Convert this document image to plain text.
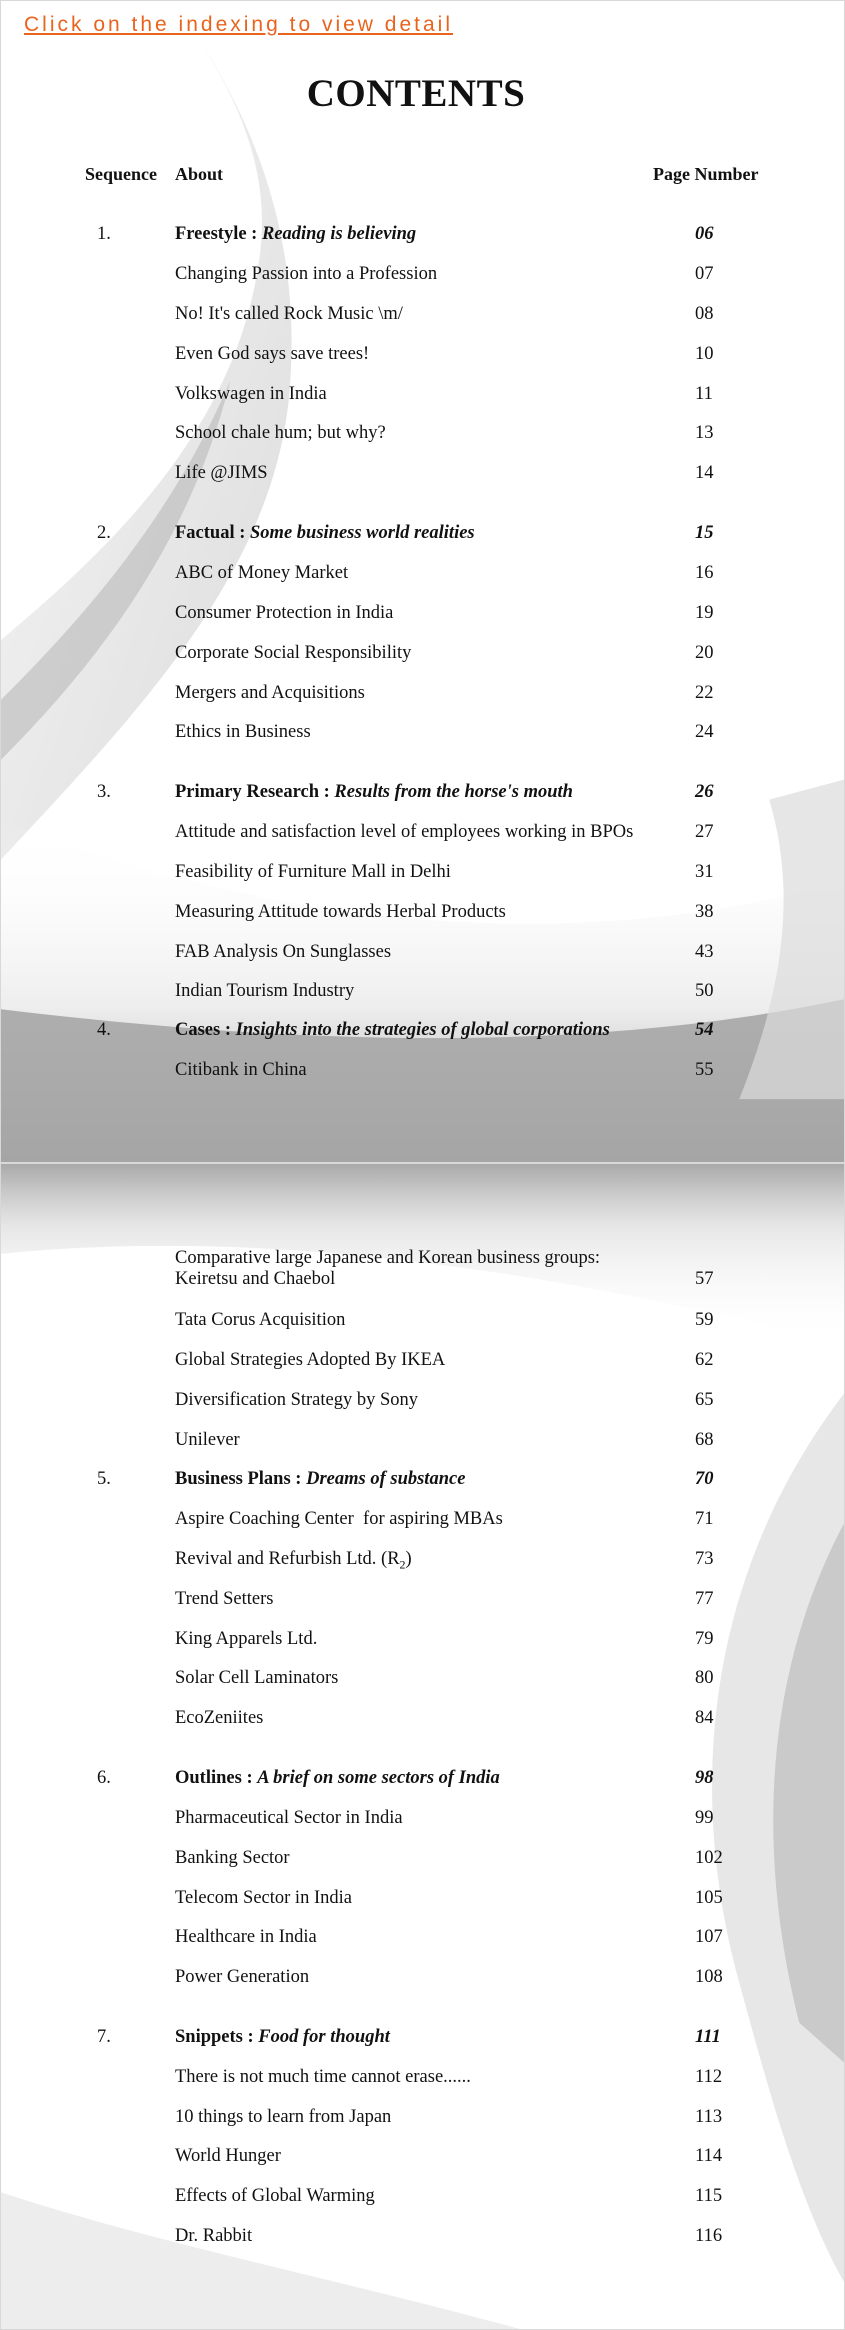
Click on the indexing to view detail
CONTENTS
Sequence About	Page Number
1.	Freestyle : Reading is believing	06
Changing Passion into a Profession	07
No! It's called Rock Music \m/	08
Even God says save trees!	10
Volkswagen in India	11
School chale hum; but why?	13
Life @JIMS	14
2.	Factual : Some business world realities	15
ABC of Money Market	16
Consumer Protection in India	19
Corporate Social Responsibility	20
Mergers and Acquisitions	22
Ethics in Business	24
3.	Primary Research : Results from the horse's mouth	26
Attitude and satisfaction level of employees working in BPOs	27
Feasibility of Furniture Mall in Delhi	31
Measuring Attitude towards Herbal Products	38
FAB Analysis On Sunglasses	43
Indian Tourism Industry	50
4.	Cases : Insights into the strategies of global corporations	54
Citibank in China	55
Comparative large Japanese and Korean business groups:
Keiretsu and Chaebol	57
Tata Corus Acquisition	59
Global Strategies Adopted By IKEA	62
Diversification Strategy by Sony	65
Unilever	68
5.	Business Plans : Dreams of substance	70
Aspire Coaching Center  for aspiring MBAs	71
Revival and Refurbish Ltd. $(R_2)$	73
Trend Setters	77
King Apparels Ltd.	79
Solar Cell Laminators	80
EcoZeniites	84
6.	Outlines : A brief on some sectors of India	98
Pharmaceutical Sector in India	99
Banking Sector	102
Telecom Sector in India	105
Healthcare in India	107
Power Generation	108
7.	Snippets : Food for thought	111
There is not much time cannot erase......	112
10 things to learn from Japan	113
World Hunger	114
Effects of Global Warming	115
Dr. Rabbit	116
